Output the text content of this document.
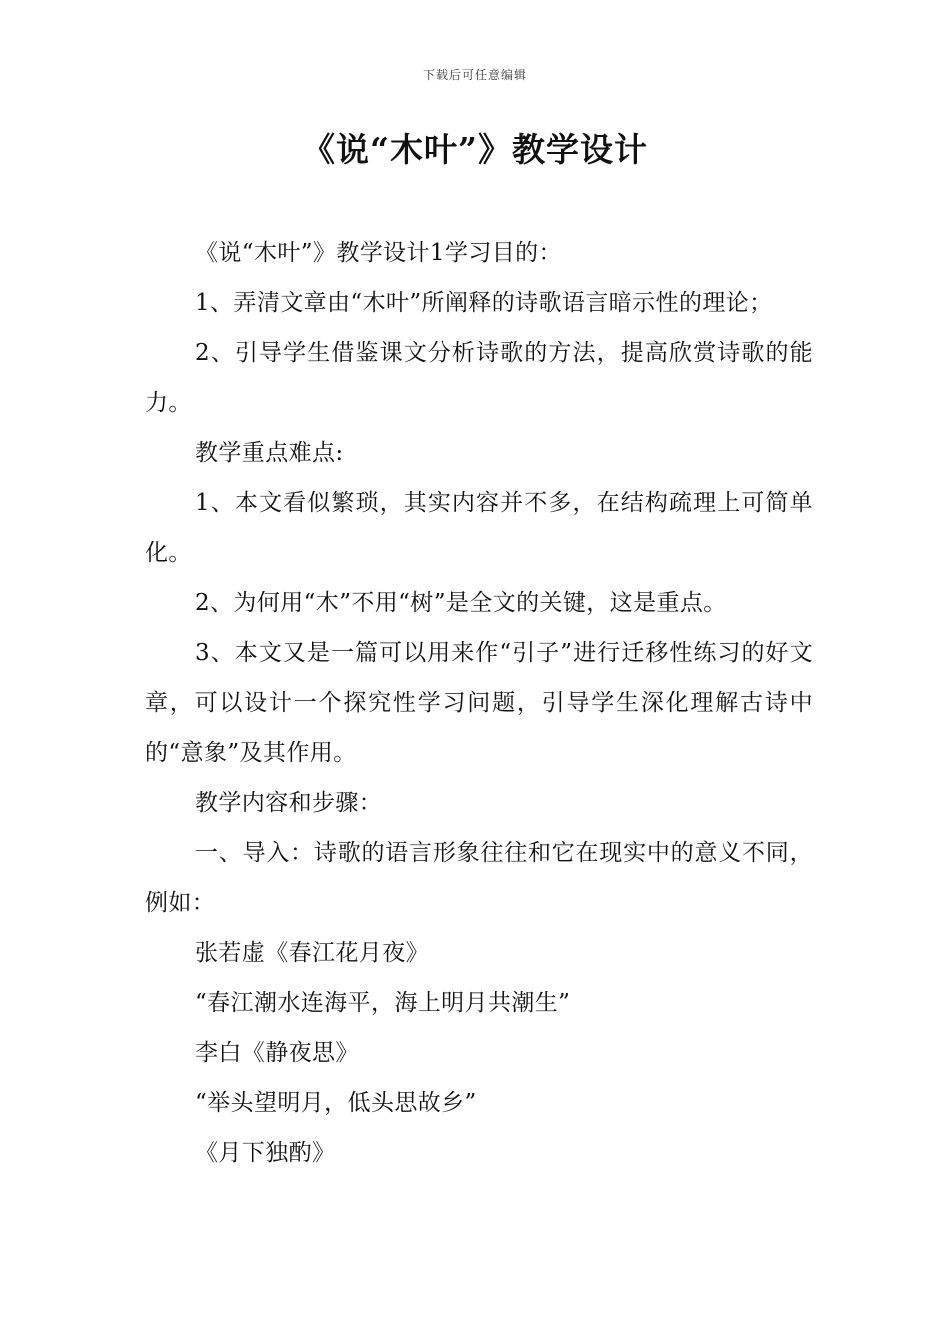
下载后可任意编辑
《说“木叶”》教学设计

《说“木叶”》教学设计1学习目的：

1、弄清文章由“木叶”所阐释的诗歌语言暗示性的理论；

2、引导学生借鉴课文分析诗歌的方法，提高欣赏诗歌的能力。

教学重点难点:

1、本文看似繁琐，其实内容并不多，在结构疏理上可简单化。

2、为何用“木”不用“树”是全文的关键，这是重点。

3、本文又是一篇可以用来作“引子”进行迁移性练习的好文章，可以设计一个探究性学习问题，引导学生深化理解古诗中的“意象”及其作用。

教学内容和步骤：

一、导入：诗歌的语言形象往往和它在现实中的意义不同，例如：

张若虚《春江花月夜》

“春江潮水连海平，海上明月共潮生”

李白《静夜思》

“举头望明月，低头思故乡”

《月下独酌》
